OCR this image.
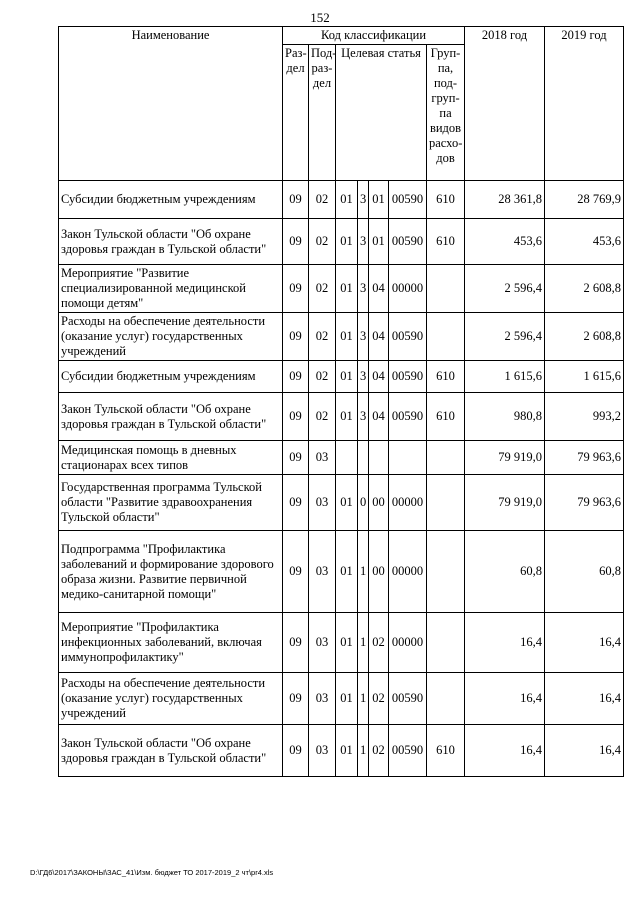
152
Наименование	Код классификации							2018 год	2019 год
	Раз-дел	Под-раз-дел	Целевая статья				Груп-па, под-груп-па видов расхо-дов		
Субсидии бюджетным учреждениям	09	02	01	3	01	00590	610	28 361,8	28 769,9
Закон Тульской области "Об охране здоровья граждан в Тульской области"	09	02	01	3	01	00590	610	453,6	453,6
Мероприятие "Развитие специализированной медицинской помощи детям"	09	02	01	3	04	00000		2 596,4	2 608,8
Расходы на обеспечение деятельности (оказание услуг) государственных учреждений	09	02	01	3	04	00590		2 596,4	2 608,8
Субсидии бюджетным учреждениям	09	02	01	3	04	00590	610	1 615,6	1 615,6
Закон Тульской области "Об охране здоровья граждан в Тульской области"	09	02	01	3	04	00590	610	980,8	993,2
Медицинская помощь в дневных стационарах всех типов	09	03						79 919,0	79 963,6
Государственная программа Тульской области "Развитие здравоохранения Тульской области"	09	03	01	0	00	00000		79 919,0	79 963,6
Подпрограмма "Профилактика заболеваний и формирование здорового образа жизни. Развитие первичной медико-санитарной помощи"	09	03	01	1	00	00000		60,8	60,8
Мероприятие "Профилактика инфекционных заболеваний, включая иммунопрофилактику"	09	03	01	1	02	00000		16,4	16,4
Расходы на обеспечение деятельности (оказание услуг) государственных учреждений	09	03	01	1	02	00590		16,4	16,4
Закон Тульской области "Об охране здоровья граждан в Тульской области"	09	03	01	1	02	00590	610	16,4	16,4
D:\ГД6\2017\ЗАКОНЫ\ЗАС_41\Изм. бюджет ТО 2017-2019_2 чт\pr4.xls
